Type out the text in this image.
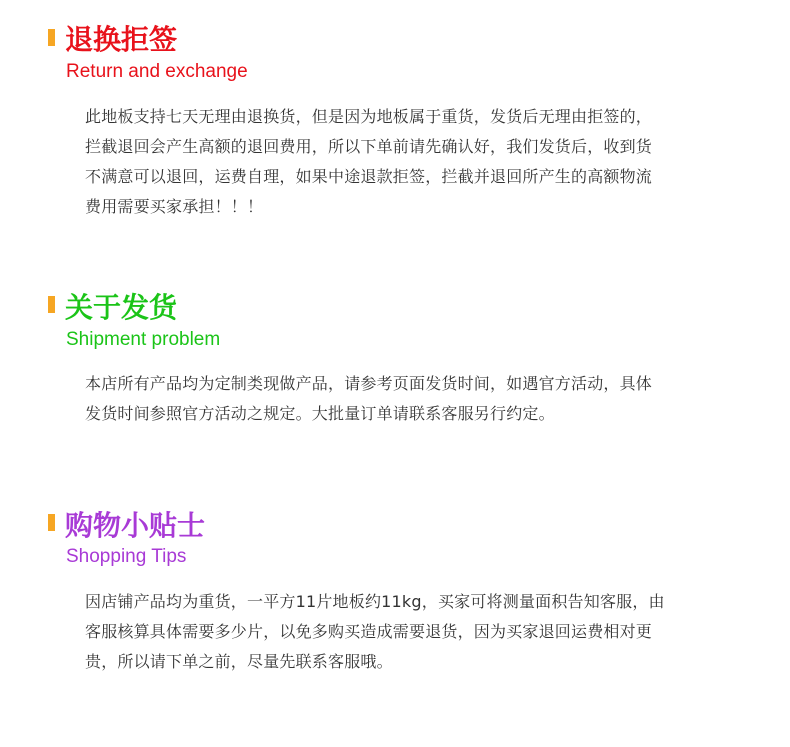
退换拒签
Return and exchange
此地板支持七天无理由退换货，但是因为地板属于重货，发货后无理由拒签的，
拦截退回会产生高额的退回费用，所以下单前请先确认好，我们发货后，收到货
不满意可以退回，运费自理，如果中途退款拒签，拦截并退回所产生的高额物流
费用需要买家承担！！！
关于发货
Shipment problem
本店所有产品均为定制类现做产品，请参考页面发货时间，如遇官方活动，具体
发货时间参照官方活动之规定。大批量订单请联系客服另行约定。
购物小贴士
Shopping Tips
因店铺产品均为重货，一平方11片地板约11kg，买家可将测量面积告知客服，由
客服核算具体需要多少片，以免多购买造成需要退货，因为买家退回运费相对更
贵，所以请下单之前，尽量先联系客服哦。
